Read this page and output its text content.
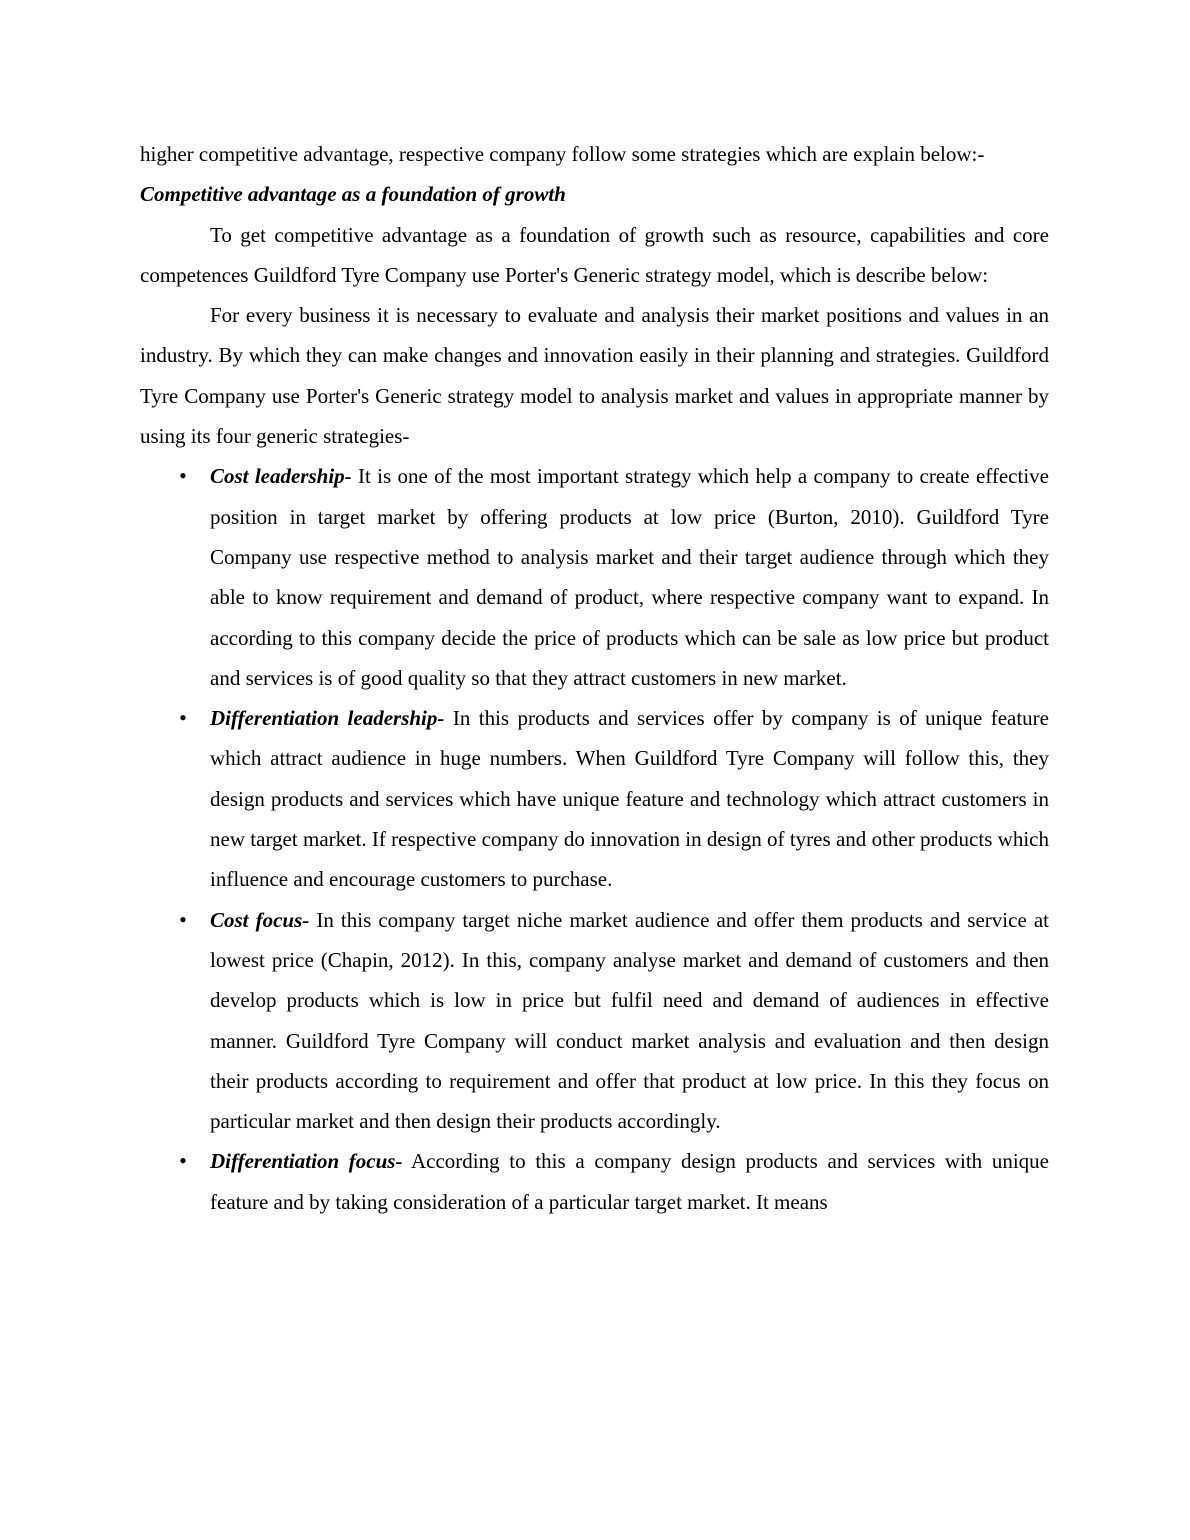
higher competitive advantage, respective company follow some strategies which are explain below:-

Competitive advantage as a foundation of growth

To get competitive advantage as a foundation of growth such as resource, capabilities and core competences Guildford Tyre Company use Porter's Generic strategy model, which is describe below:

For every business it is necessary to evaluate and analysis their market positions and values in an industry. By which they can make changes and innovation easily in their planning and strategies. Guildford Tyre Company use Porter's Generic strategy model to analysis market and values in appropriate manner by using its four generic strategies-

• Cost leadership- It is one of the most important strategy which help a company to create effective position in target market by offering products at low price (Burton, 2010). Guildford Tyre Company use respective method to analysis market and their target audience through which they able to know requirement and demand of product, where respective company want to expand. In according to this company decide the price of products which can be sale as low price but product and services is of good quality so that they attract customers in new market.
• Differentiation leadership- In this products and services offer by company is of unique feature which attract audience in huge numbers. When Guildford Tyre Company will follow this, they design products and services which have unique feature and technology which attract customers in new target market. If respective company do innovation in design of tyres and other products which influence and encourage customers to purchase.
• Cost focus- In this company target niche market audience and offer them products and service at lowest price (Chapin, 2012). In this, company analyse market and demand of customers and then develop products which is low in price but fulfil need and demand of audiences in effective manner. Guildford Tyre Company will conduct market analysis and evaluation and then design their products according to requirement and offer that product at low price. In this they focus on particular market and then design their products accordingly.
• Differentiation focus- According to this a company design products and services with unique feature and by taking consideration of a particular target market. It means
